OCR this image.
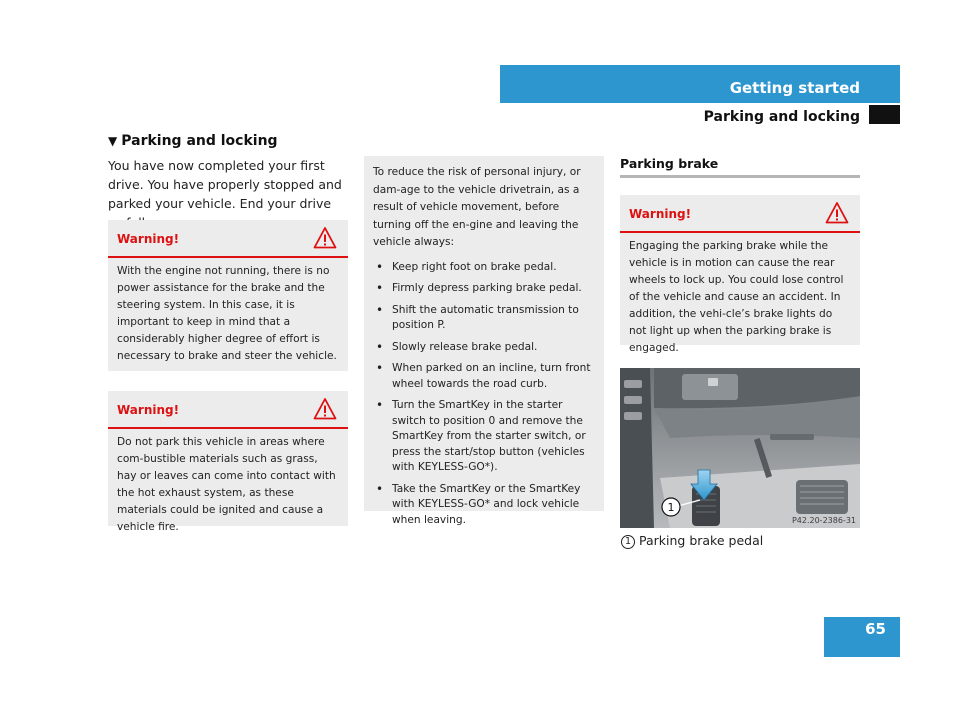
Getting started
Parking and locking
▼ Parking and locking
You have now completed your first drive. You have properly stopped and parked your vehicle. End your drive
Warning!
With the engine not running, there is no power assistance for the brake and the steering system. In this case, it is important to keep in mind that a considerably higher degree of effort is necessary to brake and steer the vehicle.
Warning!
Do not park this vehicle in areas where com-bustible materials such as grass, hay or leaves can come into contact with the hot exhaust system, as these materials could be ignited and cause a vehicle fire.
To reduce the risk of personal injury, or dam-age to the vehicle drivetrain, as a result of vehicle movement, before turning off the en-gine and leaving the vehicle always:
• Keep right foot on brake pedal.
• Firmly depress parking brake pedal.
• Shift the automatic transmission to position P.
• Slowly release brake pedal.
• When parked on an incline, turn front wheel towards the road curb.
• Turn the SmartKey in the starter switch to position 0 and remove the SmartKey from the starter switch, or press the start/stop button (vehicles with KEYLESS-GO*).
• Take the SmartKey or the SmartKey with KEYLESS-GO* and lock vehicle when leaving.
Parking brake
Warning!
Engaging the parking brake while the vehicle is in motion can cause the rear wheels to lock up. You could lose control of the vehicle and cause an accident. In addition, the vehi-cle’s brake lights do not light up when the parking brake is engaged.
1
P42.20-2386-31
1 Parking brake pedal
65
